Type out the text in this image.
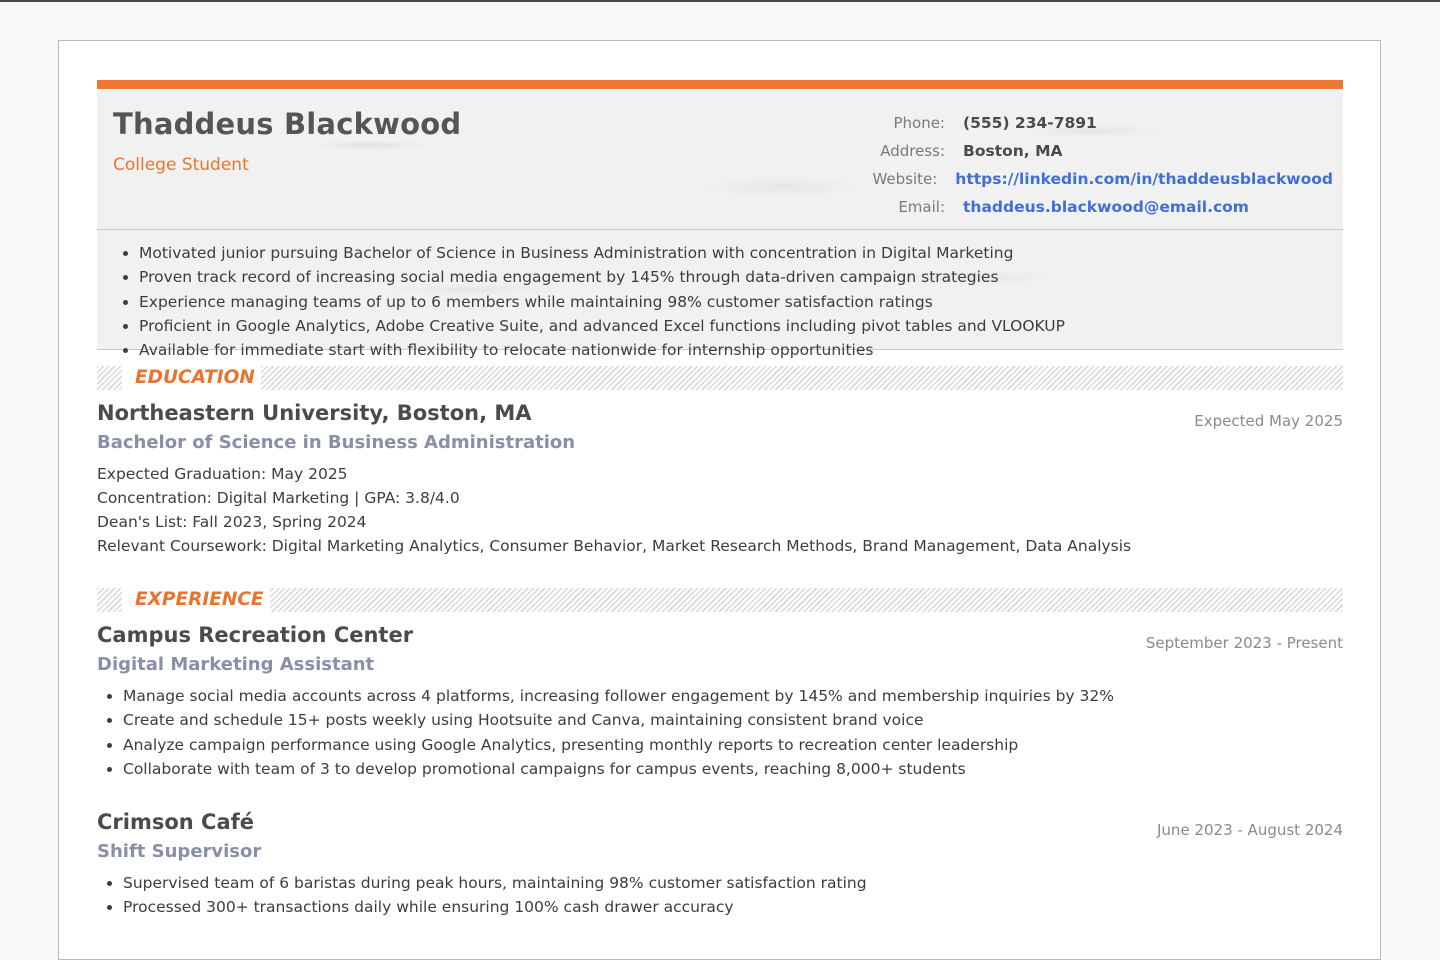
Thaddeus Blackwood
College Student
Phone: (555) 234-7891
Address: Boston, MA
Website: https://linkedin.com/in/thaddeusblackwood
Email: thaddeus.blackwood@email.com
• Motivated junior pursuing Bachelor of Science in Business Administration with concentration in Digital Marketing
• Proven track record of increasing social media engagement by 145% through data-driven campaign strategies
• Experience managing teams of up to 6 members while maintaining 98% customer satisfaction ratings
• Proficient in Google Analytics, Adobe Creative Suite, and advanced Excel functions including pivot tables and VLOOKUP
• Available for immediate start with flexibility to relocate nationwide for internship opportunities
EDUCATION
Northeastern University, Boston, MA	Expected May 2025
Bachelor of Science in Business Administration
Expected Graduation: May 2025
Concentration: Digital Marketing | GPA: 3.8/4.0
Dean's List: Fall 2023, Spring 2024
Relevant Coursework: Digital Marketing Analytics, Consumer Behavior, Market Research Methods, Brand Management, Data Analysis
EXPERIENCE
Campus Recreation Center	September 2023 - Present
Digital Marketing Assistant
• Manage social media accounts across 4 platforms, increasing follower engagement by 145% and membership inquiries by 32%
• Create and schedule 15+ posts weekly using Hootsuite and Canva, maintaining consistent brand voice
• Analyze campaign performance using Google Analytics, presenting monthly reports to recreation center leadership
• Collaborate with team of 3 to develop promotional campaigns for campus events, reaching 8,000+ students
Crimson Café	June 2023 - August 2024
Shift Supervisor
• Supervised team of 6 baristas during peak hours, maintaining 98% customer satisfaction rating
• Processed 300+ transactions daily while ensuring 100% cash drawer accuracy
